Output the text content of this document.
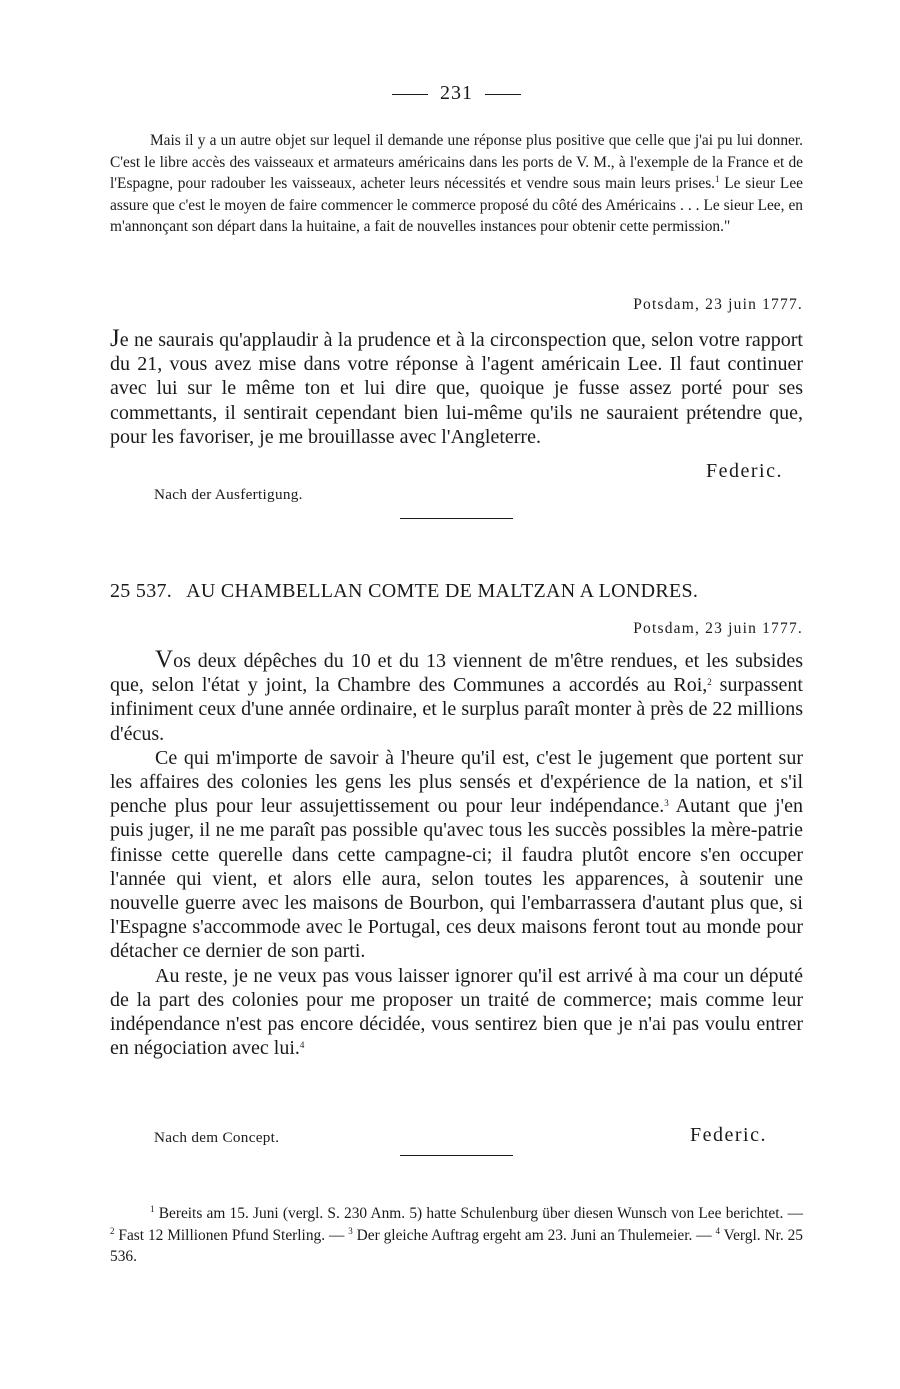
231

Mais il y a un autre objet sur lequel il demande une réponse plus positive que celle que j'ai pu lui donner. C'est le libre accès des vaisseaux et armateurs américains dans les ports de V. M., à l'exemple de la France et de l'Espagne, pour radouber les vaisseaux, acheter leurs nécessités et vendre sous main leurs prises.$^1$ Le sieur Lee assure que c'est le moyen de faire commencer le commerce proposé du côté des Américains . . . Le sieur Lee, en m'annonçant son départ dans la huitaine, a fait de nouvelles instances pour obtenir cette permission."

Potsdam, 23 juin 1777.

Je ne saurais qu'applaudir à la prudence et à la circonspection que, selon votre rapport du 21, vous avez mise dans votre réponse à l'agent américain Lee. Il faut continuer avec lui sur le même ton et lui dire que, quoique je fusse assez porté pour ses commettants, il sentirait cependant bien lui-même qu'ils ne sauraient prétendre que, pour les favoriser, je me brouillasse avec l'Angleterre.

Federic.
Nach der Ausfertigung.
25 537. AU CHAMBELLAN COMTE DE MALTZAN A LONDRES.
Potsdam, 23 juin 1777.

Vos deux dépêches du 10 et du 13 viennent de m'être rendues, et les subsides que, selon l'état y joint, la Chambre des Communes a accordés au Roi,$^2$ surpassent infiniment ceux d'une année ordinaire, et le surplus paraît monter à près de 22 millions d'écus.

Ce qui m'importe de savoir à l'heure qu'il est, c'est le jugement que portent sur les affaires des colonies les gens les plus sensés et d'expérience de la nation, et s'il penche plus pour leur assujettissement ou pour leur indépendance.$^3$ Autant que j'en puis juger, il ne me paraît pas possible qu'avec tous les succès possibles la mère-patrie finisse cette querelle dans cette campagne-ci; il faudra plutôt encore s'en occuper l'année qui vient, et alors elle aura, selon toutes les apparences, à soutenir une nouvelle guerre avec les maisons de Bourbon, qui l'embarrassera d'autant plus que, si l'Espagne s'accommode avec le Portugal, ces deux maisons feront tout au monde pour détacher ce dernier de son parti.

Au reste, je ne veux pas vous laisser ignorer qu'il est arrivé à ma cour un député de la part des colonies pour me proposer un traité de commerce; mais comme leur indépendance n'est pas encore décidée, vous sentirez bien que je n'ai pas voulu entrer en négociation avec lui.$^4$

Nach dem Concept.	Federic.

$^1$ Bereits am 15. Juni (vergl. S. 230 Anm. 5) hatte Schulenburg über diesen Wunsch von Lee berichtet. — $^2$ Fast 12 Millionen Pfund Sterling. — $^3$ Der gleiche Auftrag ergeht am 23. Juni an Thulemeier. — $^4$ Vergl. Nr. 25 536.
